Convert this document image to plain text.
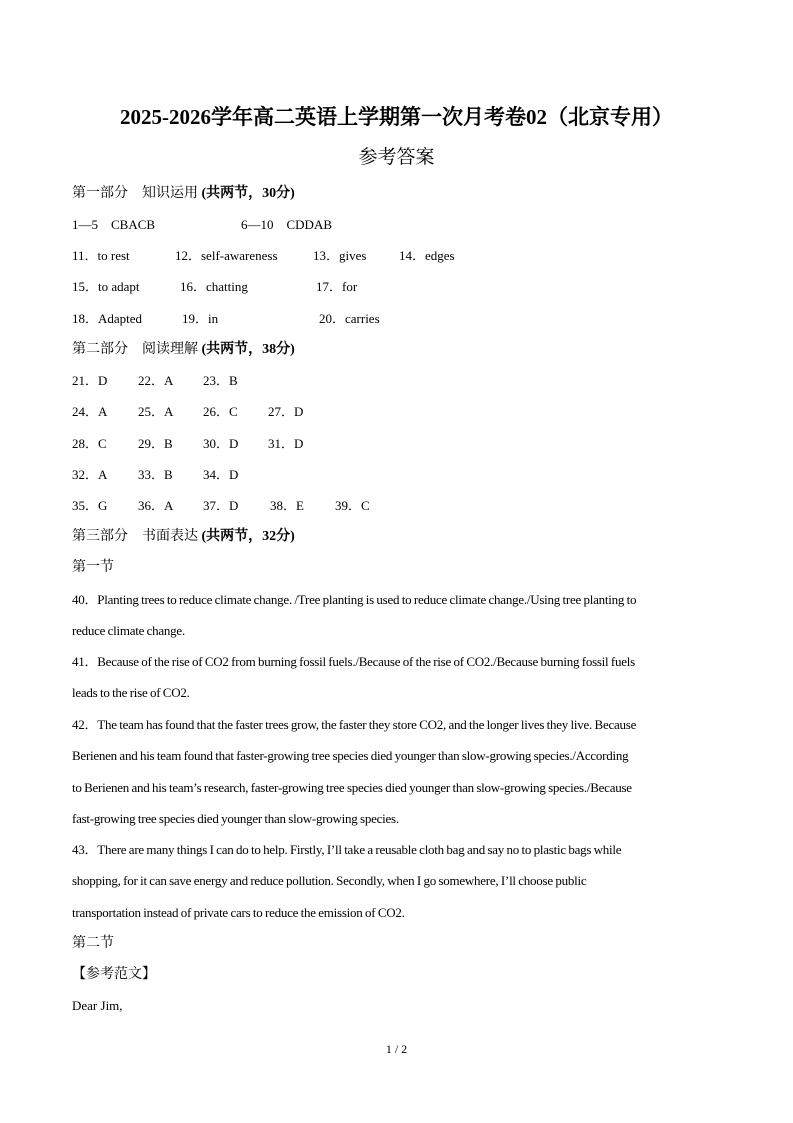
2025-2026学年高二英语上学期第一次月考卷02（北京专用）
参考答案
第一部分　知识运用 (共两节，30分)
1—5　CBACB	6—10　CDDAB
11．to rest	12．self-awareness	13．gives	14．edges
15．to adapt	16．chatting	17．for
18．Adapted	19．in	20．carries
第二部分　阅读理解 (共两节，38分)
21．D 22．A 23．B
24．A 25．A 26．C 27．D
28．C 29．B 30．D 31．D
32．A 33．B 34．D
35．G 36．A 37．D 38．E 39．C
第三部分　书面表达 (共两节，32分)
第一节
40．Planting trees to reduce climate change. /Tree planting is used to reduce climate change./Using tree planting to
reduce climate change.
41．Because of the rise of CO2 from burning fossil fuels./Because of the rise of CO2./Because burning fossil fuels
leads to the rise of CO2.
42．The team has found that the faster trees grow, the faster they store CO2, and the longer lives they live. Because
Berienen and his team found that faster-growing tree species died younger than slow-growing species./According
to Berienen and his team’s research, faster-growing tree species died younger than slow-growing species./Because
fast-growing tree species died younger than slow-growing species.
43．There are many things I can do to help. Firstly, I’ll take a reusable cloth bag and say no to plastic bags while
shopping, for it can save energy and reduce pollution. Secondly, when I go somewhere, I’ll choose public
transportation instead of private cars to reduce the emission of CO2.
第二节
【参考范文】
Dear Jim,
1 / 2
